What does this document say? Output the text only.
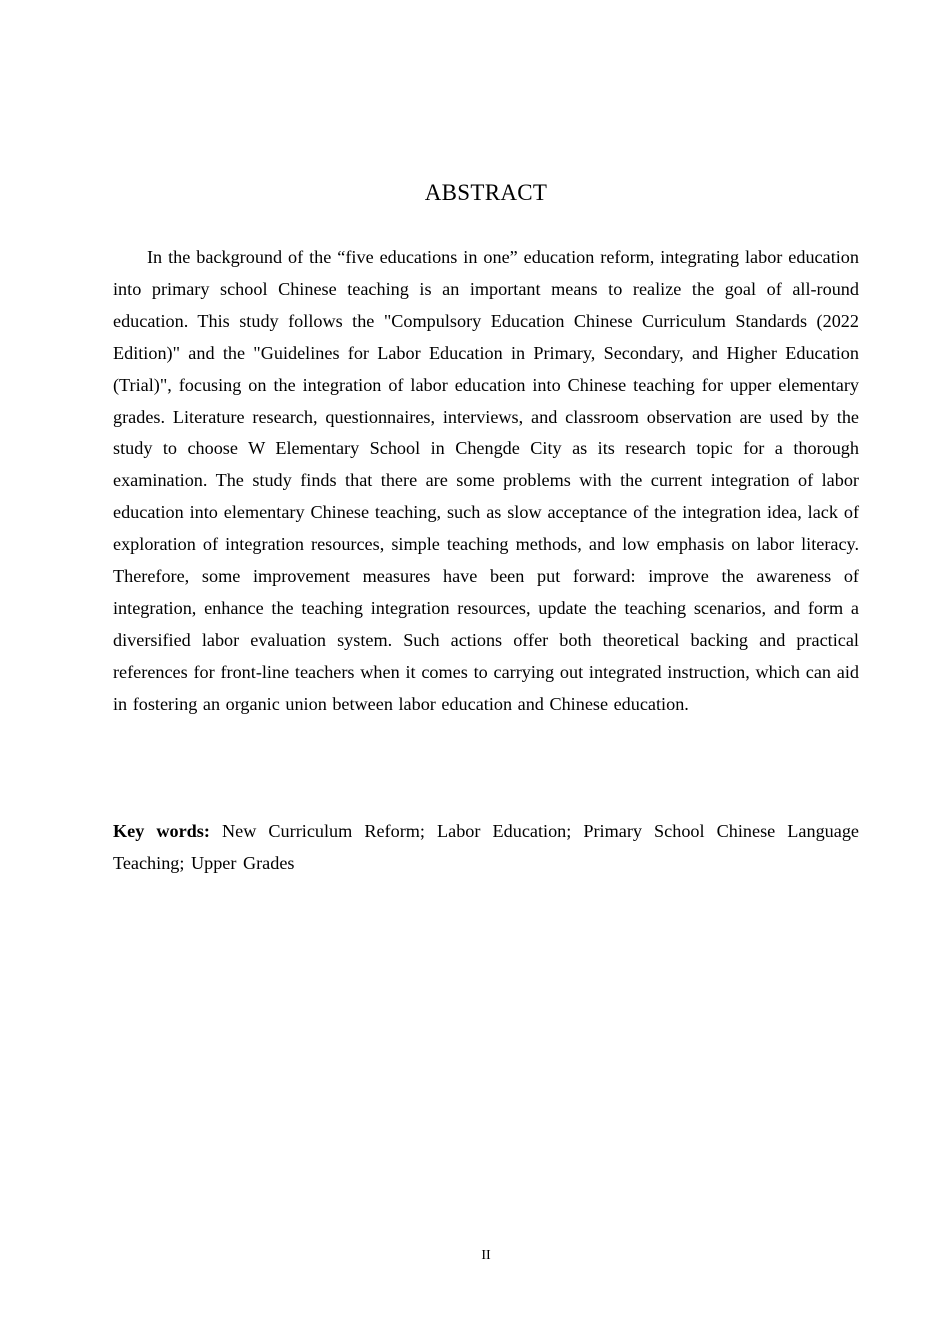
ABSTRACT

In the background of the “five educations in one” education reform, integrating labor education into primary school Chinese teaching is an important means to realize the goal of all-round education. This study follows the "Compulsory Education Chinese Curriculum Standards (2022 Edition)" and the "Guidelines for Labor Education in Primary, Secondary, and Higher Education (Trial)", focusing on the integration of labor education into Chinese teaching for upper elementary grades. Literature research, questionnaires, interviews, and classroom observation are used by the study to choose W Elementary School in Chengde City as its research topic for a thorough examination. The study finds that there are some problems with the current integration of labor education into elementary Chinese teaching, such as slow acceptance of the integration idea, lack of exploration of integration resources, simple teaching methods, and low emphasis on labor literacy. Therefore, some improvement measures have been put forward: improve the awareness of integration, enhance the teaching integration resources, update the teaching scenarios, and form a diversified labor evaluation system. Such actions offer both theoretical backing and practical references for front-line teachers when it comes to carrying out integrated instruction, which can aid in fostering an organic union between labor education and Chinese education.

Key words: New Curriculum Reform; Labor Education; Primary School Chinese Language Teaching; Upper Grades

II
